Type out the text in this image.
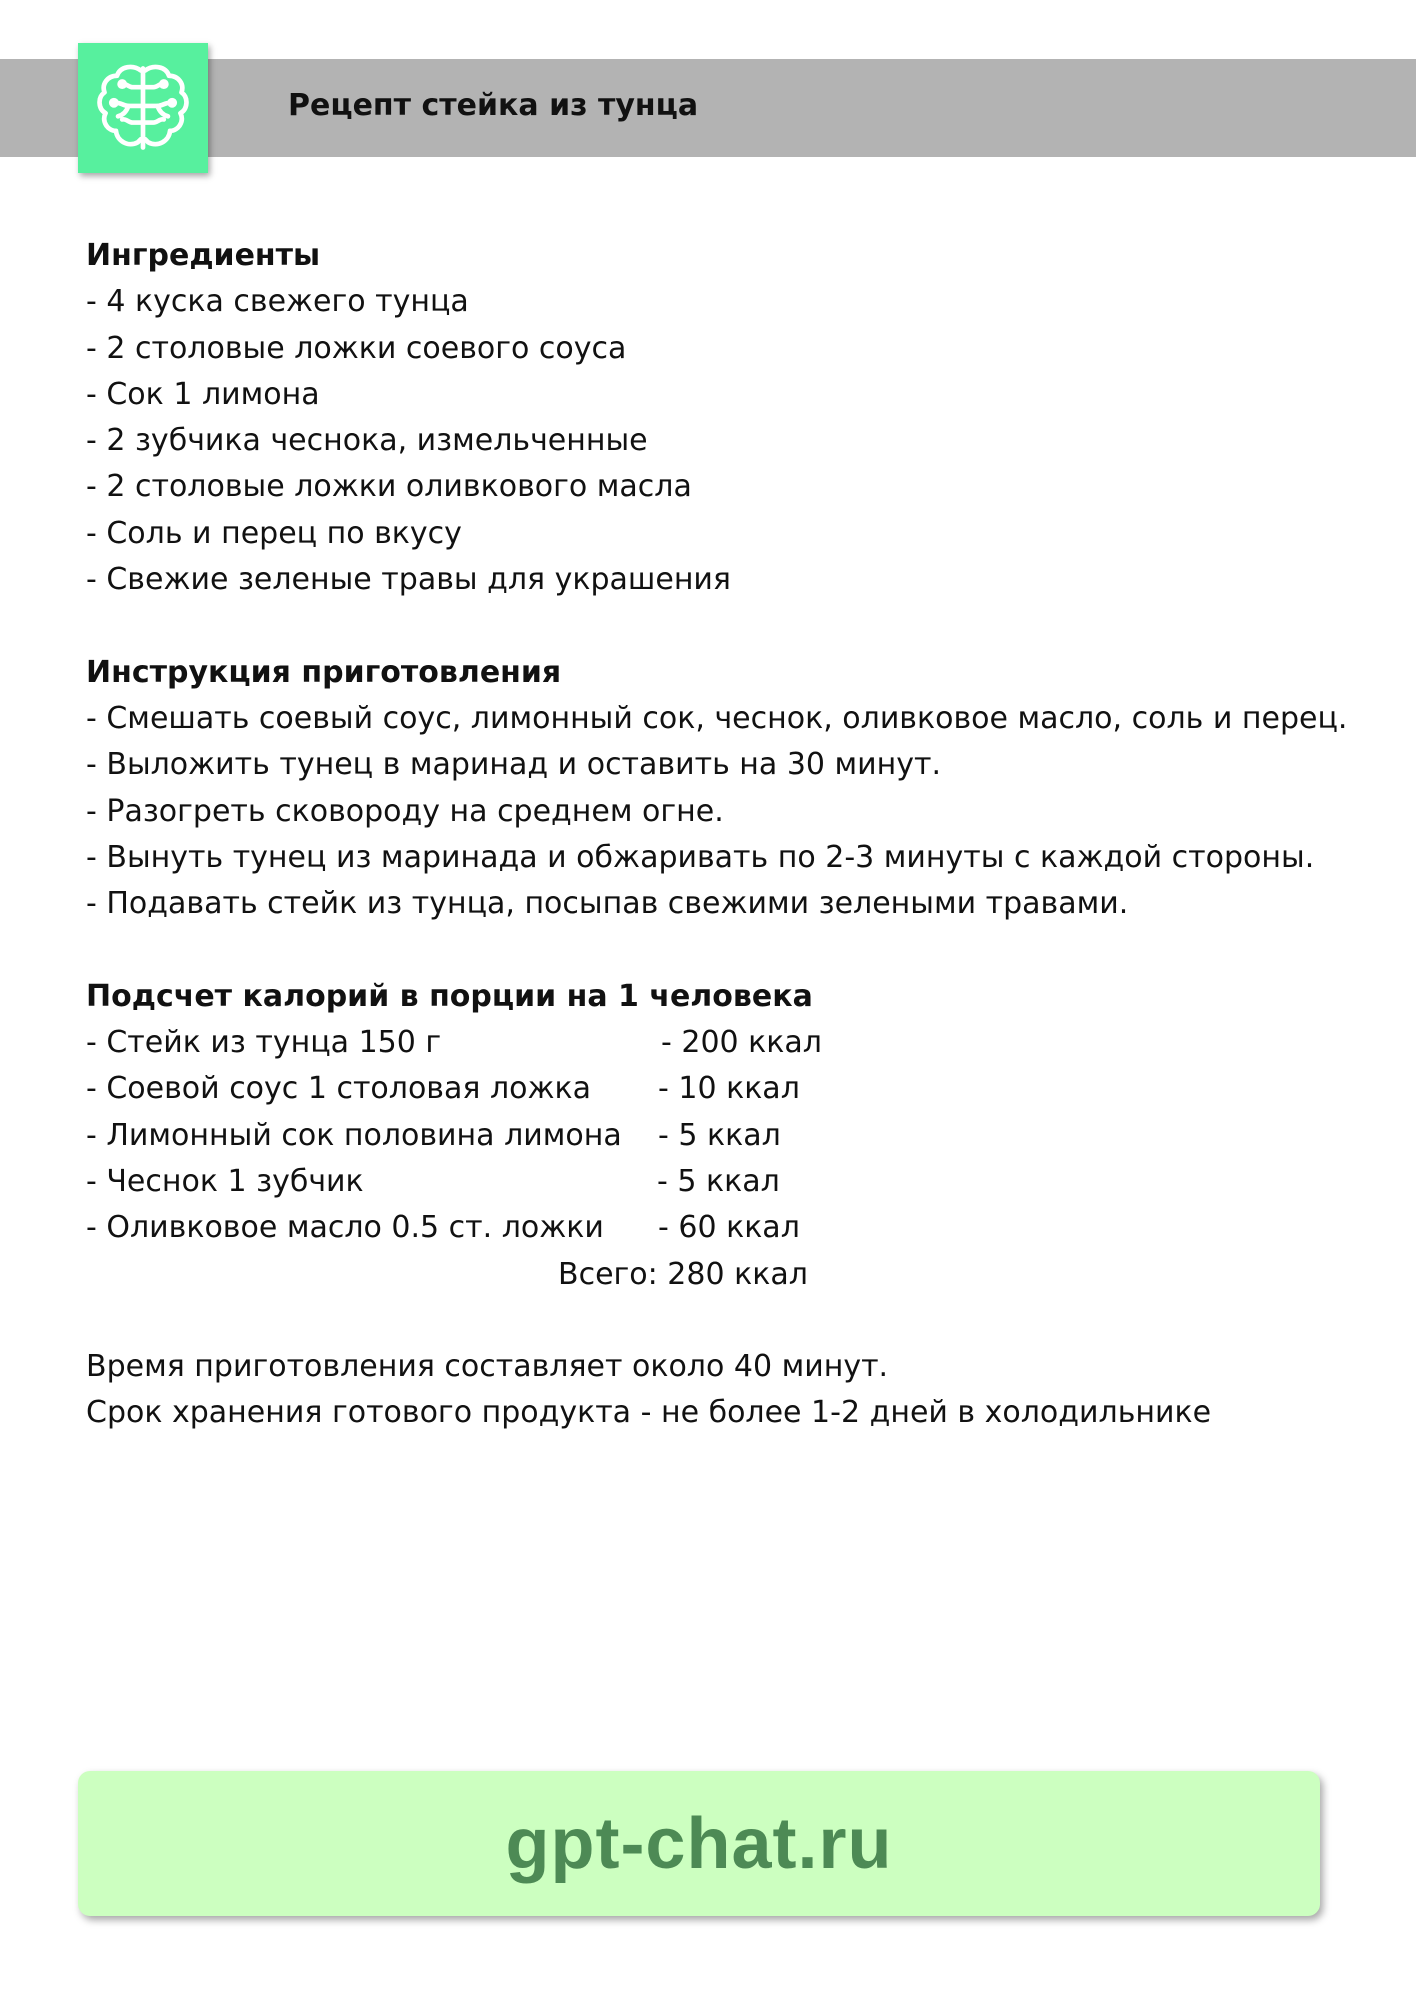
Рецепт стейка из тунца
Ингредиенты
- 4 куска свежего тунца
- 2 столовые ложки соевого соуса
- Сок 1 лимона
- 2 зубчика чеснока, измельченные
- 2 столовые ложки оливкового масла
- Соль и перец по вкусу
- Свежие зеленые травы для украшения
Инструкция приготовления
- Смешать соевый соус, лимонный сок, чеснок, оливковое масло, соль и перец.
- Выложить тунец в маринад и оставить на 30 минут.
- Разогреть сковороду на среднем огне.
- Вынуть тунец из маринада и обжаривать по 2-3 минуты с каждой стороны.
- Подавать стейк из тунца, посыпав свежими зелеными травами.
Подсчет калорий в порции на 1 человека
- Стейк из тунца 150 г	- 200 ккал
- Соевой соус 1 столовая ложка - 10 ккал
- Лимонный сок половина лимона - 5 ккал
- Чеснок 1 зубчик	- 5 ккал
- Оливковое масло 0.5 ст. ложки - 60 ккал
Всего: 280 ккал
Время приготовления составляет около 40 минут.
Срок хранения готового продукта - не более 1-2 дней в холодильнике
gpt-chat.ru
